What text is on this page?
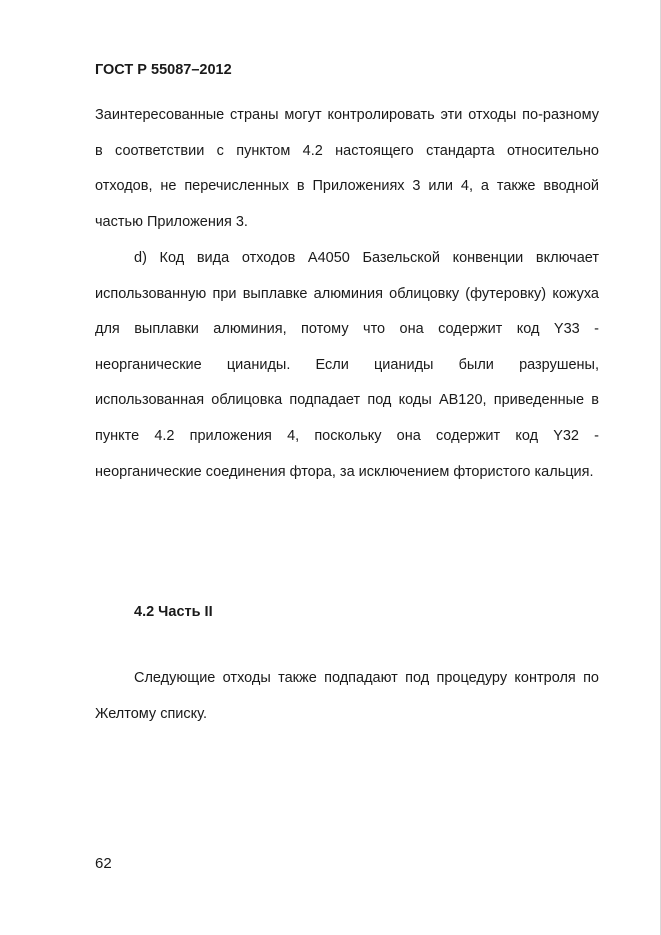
ГОСТ Р 55087–2012

Заинтересованные страны могут контролировать эти отходы по-разному в соответствии с пунктом 4.2 настоящего стандарта относительно отходов, не перечисленных в Приложениях 3 или 4, а также вводной частью Приложения 3.

d) Код вида отходов A4050 Базельской конвенции включает использованную при выплавке алюминия облицовку (футеровку) кожуха для выплавки алюминия, потому что она содержит код Y33 - неорганические цианиды. Если цианиды были разрушены, использованная облицовка подпадает под коды АВ120, приведенные в пункте 4.2 приложения 4, поскольку она содержит код Y32 - неорганические соединения фтора, за исключением фтористого кальция.

4.2 Часть II

Следующие отходы также подпадают под процедуру контроля по Желтому списку.

62
